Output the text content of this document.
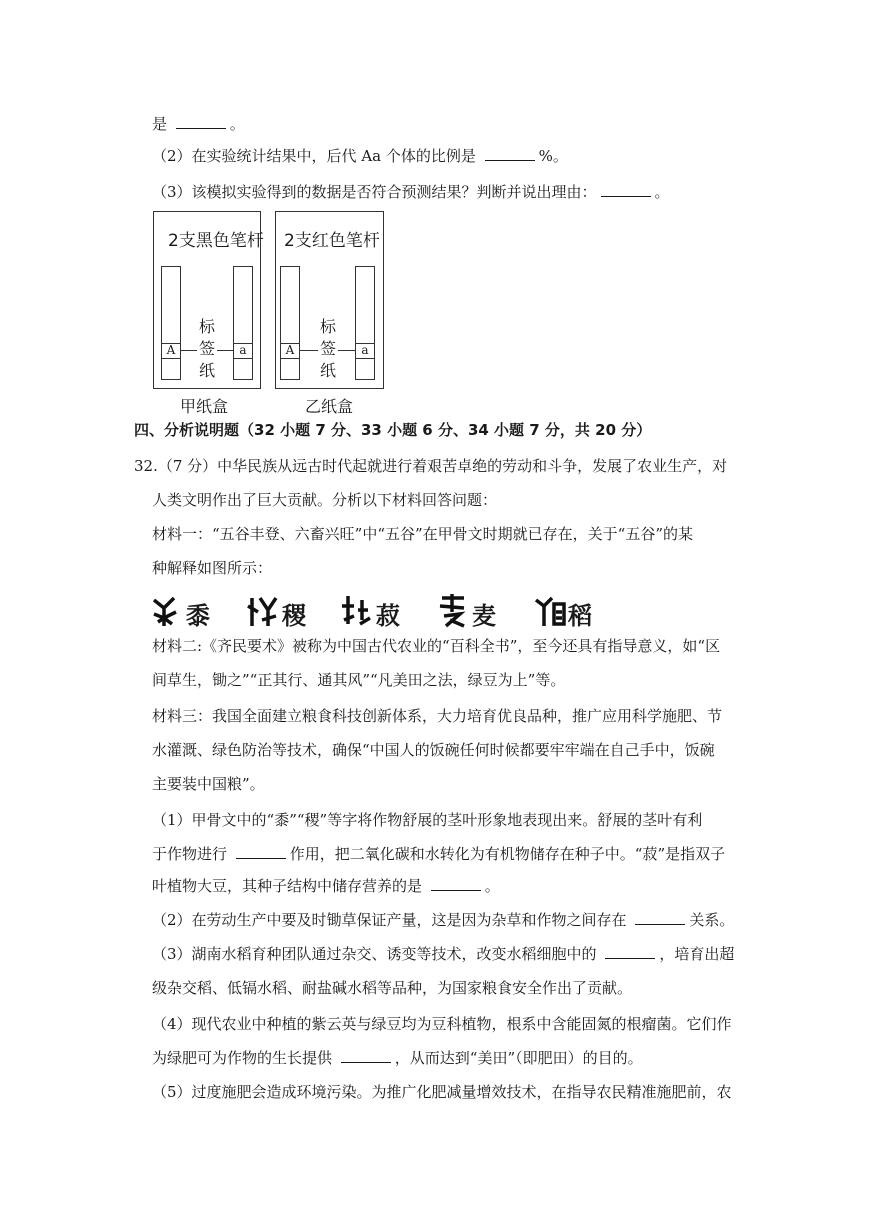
是	。
（2）在实验统计结果中，后代 Aa 个体的比例是	%。
（3）该模拟实验得到的数据是否符合预测结果？判断并说出理由：	。
2支黑色笔杆
A	a
标
签
纸
甲纸盒
2支红色笔杆
A	a
标
签
纸
乙纸盒
四、分析说明题（32 小题 7 分、33 小题 6 分、34 小题 7 分，共 20 分）
32.（7 分）中华民族从远古时代起就进行着艰苦卓绝的劳动和斗争，发展了农业生产，对
人类文明作出了巨大贡献。分析以下材料回答问题：
材料一：“五谷丰登、六畜兴旺”中“五谷”在甲骨文时期就已存在，关于“五谷”的某
种解释如图所示：
黍	稷	菽	麦	稻
材料二:《齐民要术》被称为中国古代农业的“百科全书”，至今还具有指导意义，如“区
间草生，锄之”“正其行、通其风”“凡美田之法，绿豆为上”等。
材料三：我国全面建立粮食科技创新体系，大力培育优良品种，推广应用科学施肥、节
水灌溉、绿色防治等技术，确保“中国人的饭碗任何时候都要牢牢端在自己手中，饭碗
主要装中国粮”。
（1）甲骨文中的“黍”“稷”等字将作物舒展的茎叶形象地表现出来。舒展的茎叶有利
于作物进行	作用，把二氧化碳和水转化为有机物储存在种子中。“菽”是指双子
叶植物大豆，其种子结构中储存营养的是	。
（2）在劳动生产中要及时锄草保证产量，这是因为杂草和作物之间存在	关系。
（3）湖南水稻育种团队通过杂交、诱变等技术，改变水稻细胞中的	，培育出超
级杂交稻、低镉水稻、耐盐碱水稻等品种，为国家粮食安全作出了贡献。
（4）现代农业中种植的紫云英与绿豆均为豆科植物，根系中含能固氮的根瘤菌。它们作
为绿肥可为作物的生长提供	，从而达到“美田”（即肥田）的目的。
（5）过度施肥会造成环境污染。为推广化肥减量增效技术，在指导农民精准施肥前，农
